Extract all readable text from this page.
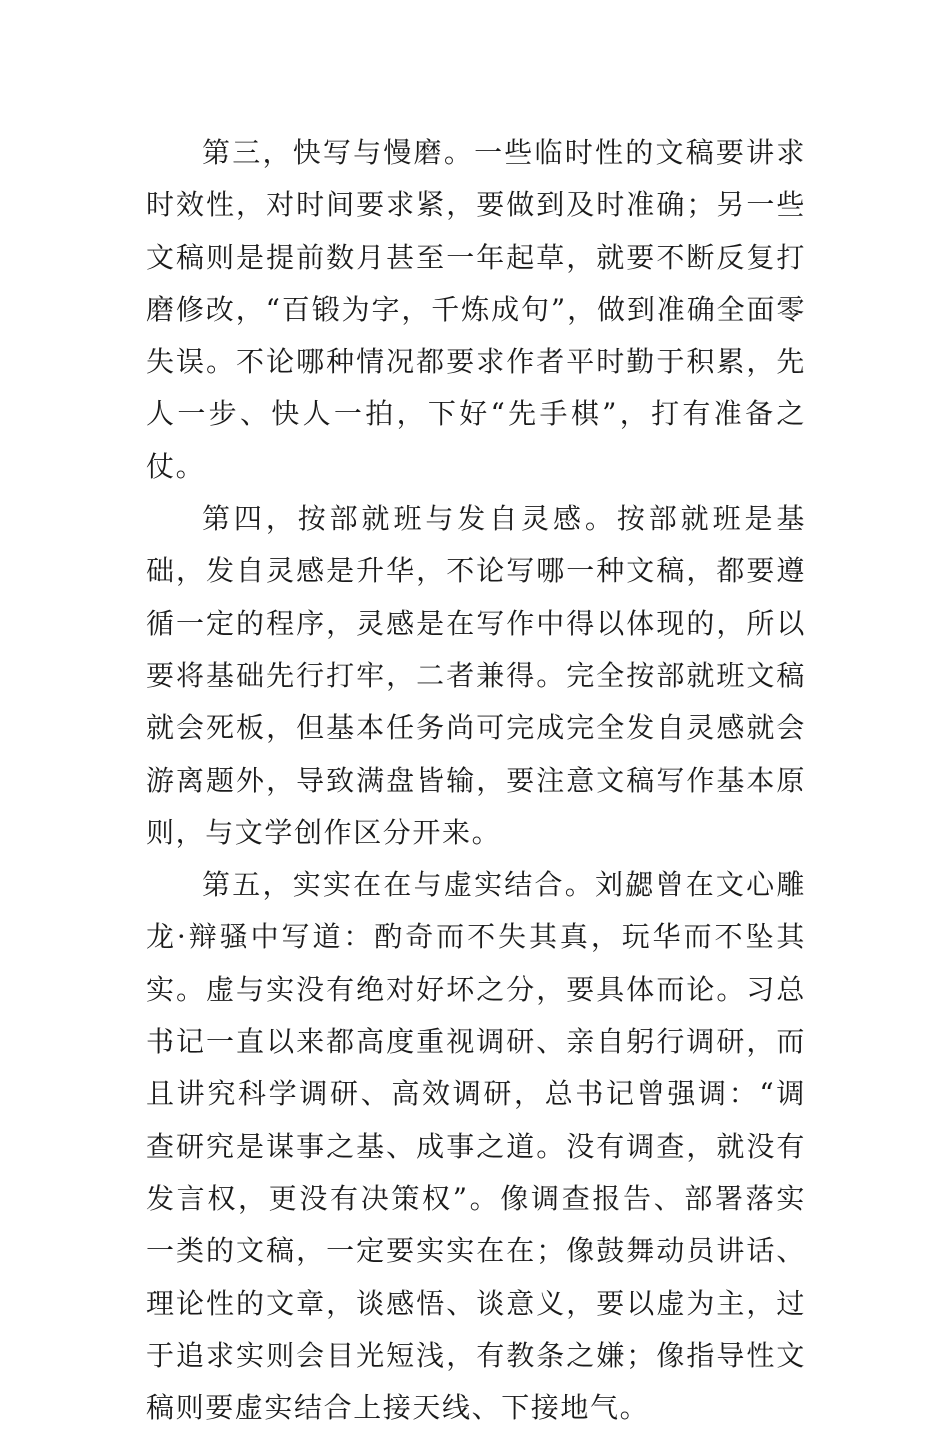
第三，快写与慢磨。一些临时性的文稿要讲求时效性，对时间要求紧，要做到及时准确；另一些文稿则是提前数月甚至一年起草，就要不断反复打磨修改，“百锻为字，千炼成句”，做到准确全面零失误。不论哪种情况都要求作者平时勤于积累，先人一步、快人一拍，下好“先手棋”，打有准备之仗。

第四，按部就班与发自灵感。按部就班是基础，发自灵感是升华，不论写哪一种文稿，都要遵循一定的程序，灵感是在写作中得以体现的，所以要将基础先行打牢，二者兼得。完全按部就班文稿就会死板，但基本任务尚可完成完全发自灵感就会游离题外，导致满盘皆输，要注意文稿写作基本原则，与文学创作区分开来。

第五，实实在在与虚实结合。刘勰曾在文心雕龙·辩骚中写道：酌奇而不失其真，玩华而不坠其实。虚与实没有绝对好坏之分，要具体而论。习总书记一直以来都高度重视调研、亲自躬行调研，而且讲究科学调研、高效调研，总书记曾强调：“调查研究是谋事之基、成事之道。没有调查，就没有发言权，更没有决策权”。像调查报告、部署落实一类的文稿，一定要实实在在；像鼓舞动员讲话、理论性的文章，谈感悟、谈意义，要以虚为主，过于追求实则会目光短浅，有教条之嫌；像指导性文稿则要虚实结合上接天线、下接地气。
